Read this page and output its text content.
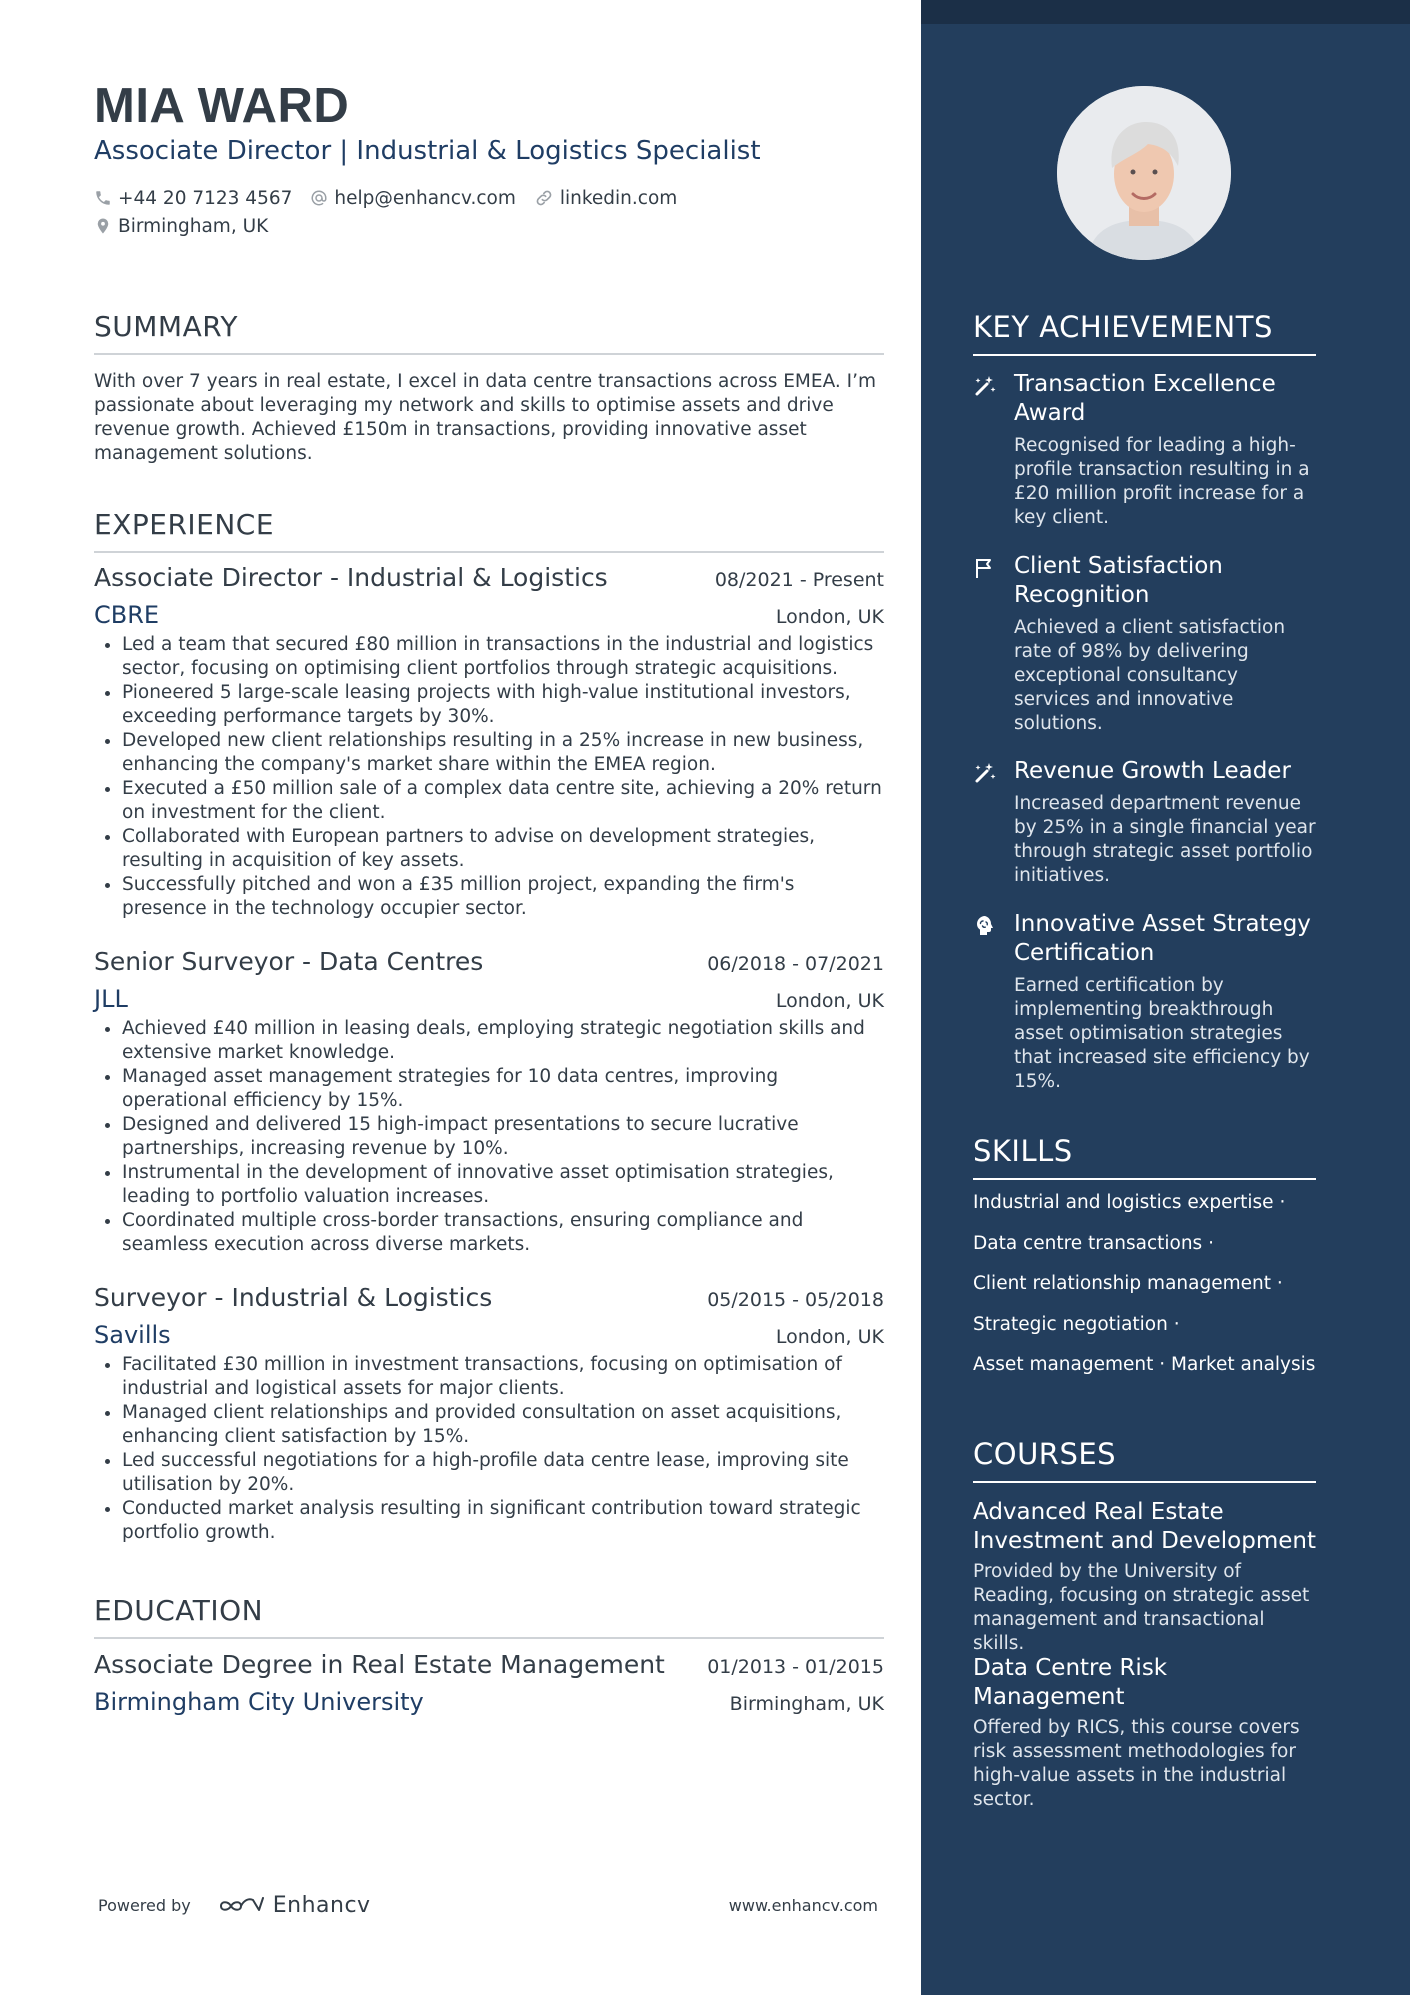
MIA WARD
Associate Director | Industrial & Logistics Specialist
+44 20 7123 4567 help@enhancv.com linkedin.com
Birmingham, UK
SUMMARY
With over 7 years in real estate, I excel in data centre transactions across EMEA. I’m passionate about leveraging my network and skills to optimise assets and drive revenue growth. Achieved £150m in transactions, providing innovative asset management solutions.
EXPERIENCE
Associate Director - Industrial & Logistics	08/2021 - Present
CBRE	London, UK
• Led a team that secured £80 million in transactions in the industrial and logistics sector, focusing on optimising client portfolios through strategic acquisitions.
• Pioneered 5 large-scale leasing projects with high-value institutional investors, exceeding performance targets by 30%.
• Developed new client relationships resulting in a 25% increase in new business, enhancing the company's market share within the EMEA region.
• Executed a £50 million sale of a complex data centre site, achieving a 20% return on investment for the client.
• Collaborated with European partners to advise on development strategies, resulting in acquisition of key assets.
• Successfully pitched and won a £35 million project, expanding the firm's presence in the technology occupier sector.
Senior Surveyor - Data Centres	06/2018 - 07/2021
JLL	London, UK
• Achieved £40 million in leasing deals, employing strategic negotiation skills and extensive market knowledge.
• Managed asset management strategies for 10 data centres, improving operational efficiency by 15%.
• Designed and delivered 15 high-impact presentations to secure lucrative partnerships, increasing revenue by 10%.
• Instrumental in the development of innovative asset optimisation strategies, leading to portfolio valuation increases.
• Coordinated multiple cross-border transactions, ensuring compliance and seamless execution across diverse markets.
Surveyor - Industrial & Logistics	05/2015 - 05/2018
Savills	London, UK
• Facilitated £30 million in investment transactions, focusing on optimisation of industrial and logistical assets for major clients.
• Managed client relationships and provided consultation on asset acquisitions, enhancing client satisfaction by 15%.
• Led successful negotiations for a high-profile data centre lease, improving site utilisation by 20%.
• Conducted market analysis resulting in significant contribution toward strategic portfolio growth.
EDUCATION
Associate Degree in Real Estate Management 01/2013 - 01/2015
Birmingham City University	Birmingham, UK
Powered by	Enhancv	www.enhancv.com
KEY ACHIEVEMENTS
Transaction Excellence Award
Recognised for leading a high-profile transaction resulting in a £20 million profit increase for a key client.
Client Satisfaction Recognition
Achieved a client satisfaction rate of 98% by delivering exceptional consultancy services and innovative solutions.
Revenue Growth Leader
Increased department revenue by 25% in a single financial year through strategic asset portfolio initiatives.
Innovative Asset Strategy Certification
Earned certification by implementing breakthrough asset optimisation strategies that increased site efficiency by 15%.
SKILLS
Industrial and logistics expertise ·
Data centre transactions ·
Client relationship management ·
Strategic negotiation ·
Asset management · Market analysis
COURSES
Advanced Real Estate Investment and Development
Provided by the University of Reading, focusing on strategic asset management and transactional skills.
Data Centre Risk Management
Offered by RICS, this course covers risk assessment methodologies for high-value assets in the industrial sector.
